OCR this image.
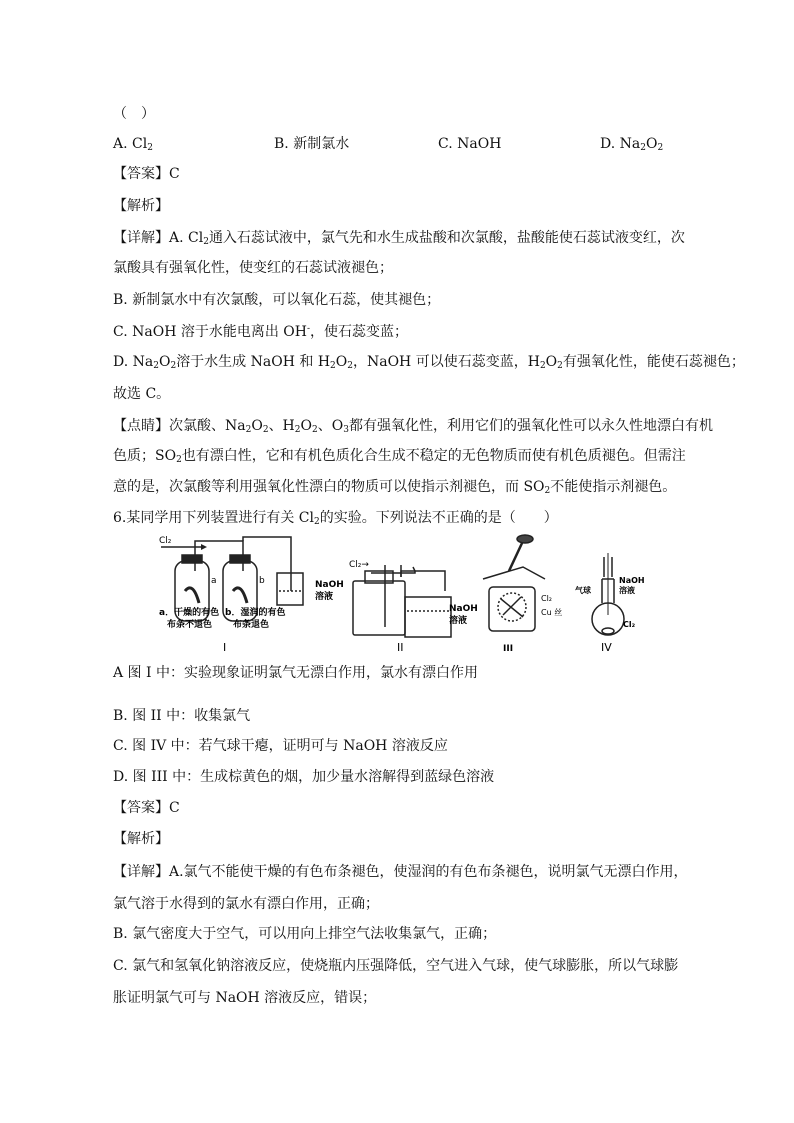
（　）
A. $Cl_2$	B. 新制氯水	C. NaOH	D. $Na_2O_2$
【答案】C
【解析】
【详解】A. $Cl_2$通入石蕊试液中，氯气先和水生成盐酸和次氯酸，盐酸能使石蕊试液变红，次
氯酸具有强氧化性，使变红的石蕊试液褪色；
B. 新制氯水中有次氯酸，可以氧化石蕊，使其褪色；
C. NaOH 溶于水能电离出 OH-，使石蕊变蓝；
D. $Na_2O_2$溶于水生成 NaOH 和 $H_2O_2$，NaOH 可以使石蕊变蓝，$H_2O_2$有强氧化性，能使石蕊褪色；
故选 C。
【点睛】次氯酸、$Na_2O_2$、$H_2O_2$、$O_3$都有强氧化性，利用它们的强氧化性可以永久性地漂白有机
色质；$SO_2$也有漂白性，它和有机色质化合生成不稳定的无色物质而使有机色质褪色。但需注
意的是，次氯酸等利用强氧化性漂白的物质可以使指示剂褪色，而 $SO_2$不能使指示剂褪色。
6.某同学用下列装置进行有关 $Cl_2$的实验。下列说法不正确的是（　　）
Cl₂
a	b
a．干燥的有色
布条不退色
b．湿润的有色
布条退色
I
Cl₂→
NaOH
溶液
NaOH
溶液
II
Cl₂
Cu 丝
III
气球
NaOH
溶液
Cl₂
IV
A 图 I 中：实验现象证明氯气无漂白作用，氯水有漂白作用
B. 图 II 中：收集氯气
C. 图 IV 中：若气球干瘪，证明可与 NaOH 溶液反应
D. 图 III 中：生成棕黄色的烟，加少量水溶解得到蓝绿色溶液
【答案】C
【解析】
【详解】A.氯气不能使干燥的有色布条褪色，使湿润的有色布条褪色，说明氯气无漂白作用，
氯气溶于水得到的氯水有漂白作用，正确；
B. 氯气密度大于空气，可以用向上排空气法收集氯气，正确；
C. 氯气和氢氧化钠溶液反应，使烧瓶内压强降低，空气进入气球，使气球膨胀，所以气球膨
胀证明氯气可与 NaOH 溶液反应，错误；
